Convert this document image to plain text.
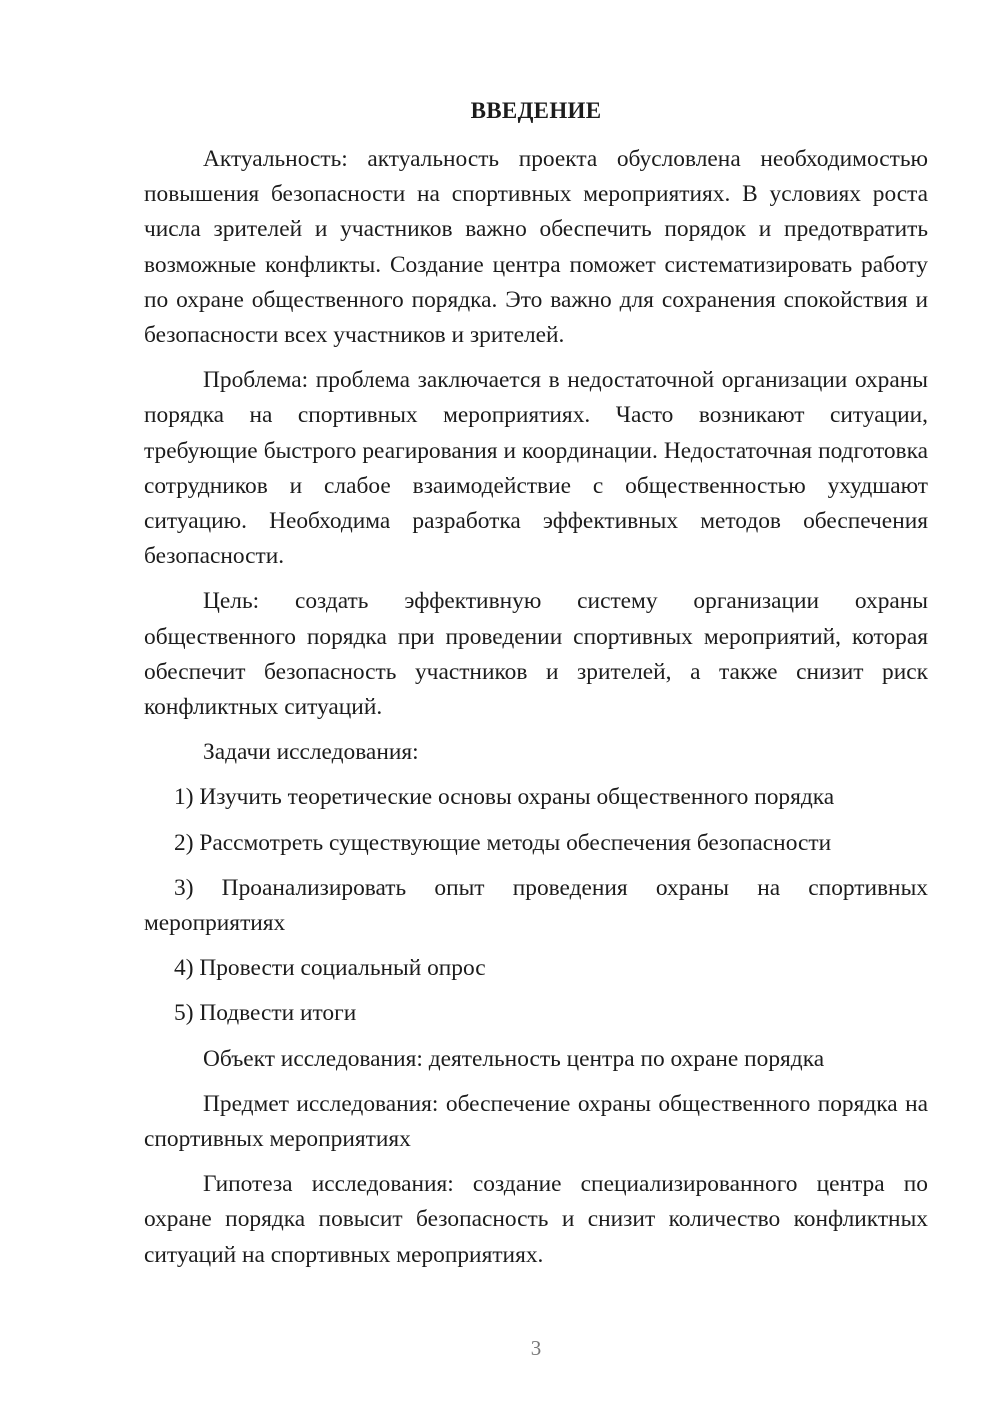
ВВЕДЕНИЕ

Актуальность: актуальность проекта обусловлена необходимостью повышения безопасности на спортивных мероприятиях. В условиях роста числа зрителей и участников важно обеспечить порядок и предотвратить возможные конфликты. Создание центра поможет систематизировать работу по охране общественного порядка. Это важно для сохранения спокойствия и безопасности всех участников и зрителей.

Проблема: проблема заключается в недостаточной организации охраны порядка на спортивных мероприятиях. Часто возникают ситуации, требующие быстрого реагирования и координации. Недостаточная подготовка сотрудников и слабое взаимодействие с общественностью ухудшают ситуацию. Необходима разработка эффективных методов обеспечения безопасности.

Цель: создать эффективную систему организации охраны общественного порядка при проведении спортивных мероприятий, которая обеспечит безопасность участников и зрителей, а также снизит риск конфликтных ситуаций.

Задачи исследования:

1) Изучить теоретические основы охраны общественного порядка

2) Рассмотреть существующие методы обеспечения безопасности

3) Проанализировать опыт проведения охраны на спортивных мероприятиях

4) Провести социальный опрос

5) Подвести итоги

Объект исследования: деятельность центра по охране порядка

Предмет исследования: обеспечение охраны общественного порядка на спортивных мероприятиях

Гипотеза исследования: создание специализированного центра по охране порядка повысит безопасность и снизит количество конфликтных ситуаций на спортивных мероприятиях.

3
